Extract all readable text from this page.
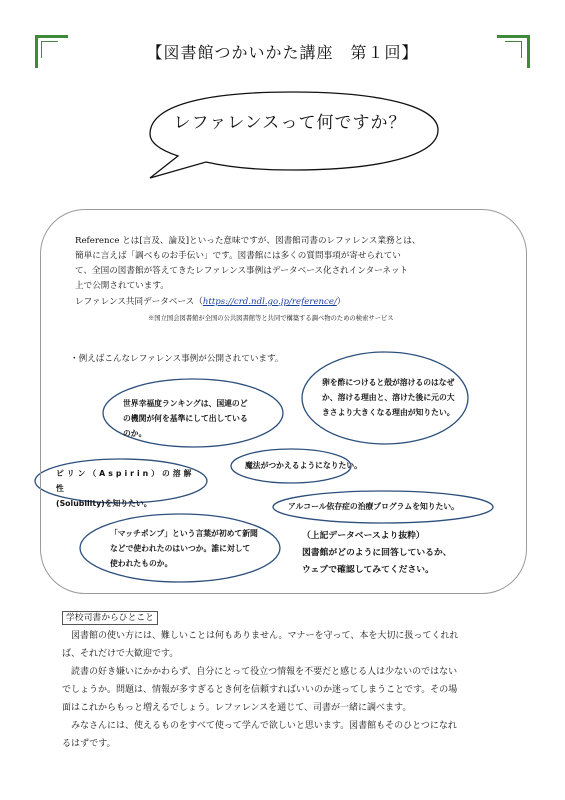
【図書館つかいかた講座　第１回】
レファレンスって何ですか？
Reference とは[言及、論及]といった意味ですが、図書館司書のレファレンス業務とは、
簡単に言えば「調べものお手伝い」です。図書館には多くの質問事項が寄せられてい
て、全国の図書館が答えてきたレファレンス事例はデータベース化されインターネット
上で公開されています。
レファレンス共同データベース（https://crd.ndl.go.jp/reference/）
※国立国会図書館が全国の公共図書館等と共同で構築する調べ物のための検索サービス
・例えばこんなレファレンス事例が公開されています。
世界幸福度ランキングは、国連のど
の機関が何を基準にして出している
のか。
卵を酢につけると殻が溶けるのはなぜ
か、溶ける理由と、溶けた後に元の大
きさより大きくなる理由が知りたい。
魔法がつかえるようになりたい。
ピリン（Aspirin）の溶解性
(Solubility)を知りたい。	アルコール依存症の治療プログラムを知りたい。
「マッチポンプ」という言葉が初めて新聞
などで使われたのはいつか。誰に対して
使われたものか。
（上記データベースより抜粋）
図書館がどのように回答しているか、
ウェブで確認してみてください。
学校司書からひとこと
　図書館の使い方には、難しいことは何もありません。マナーを守って、本を大切に扱ってくれれ
ば、それだけで大歓迎です。
　読書の好き嫌いにかかわらず、自分にとって役立つ情報を不要だと感じる人は少ないのではない
でしょうか。問題は、情報が多すぎるとき何を信頼すればいいのか迷ってしまうことです。その場
面はこれからもっと増えるでしょう。レファレンスを通じて、司書が一緒に調べます。
　みなさんには、使えるものをすべて使って学んで欲しいと思います。図書館もそのひとつになれ
るはずです。
